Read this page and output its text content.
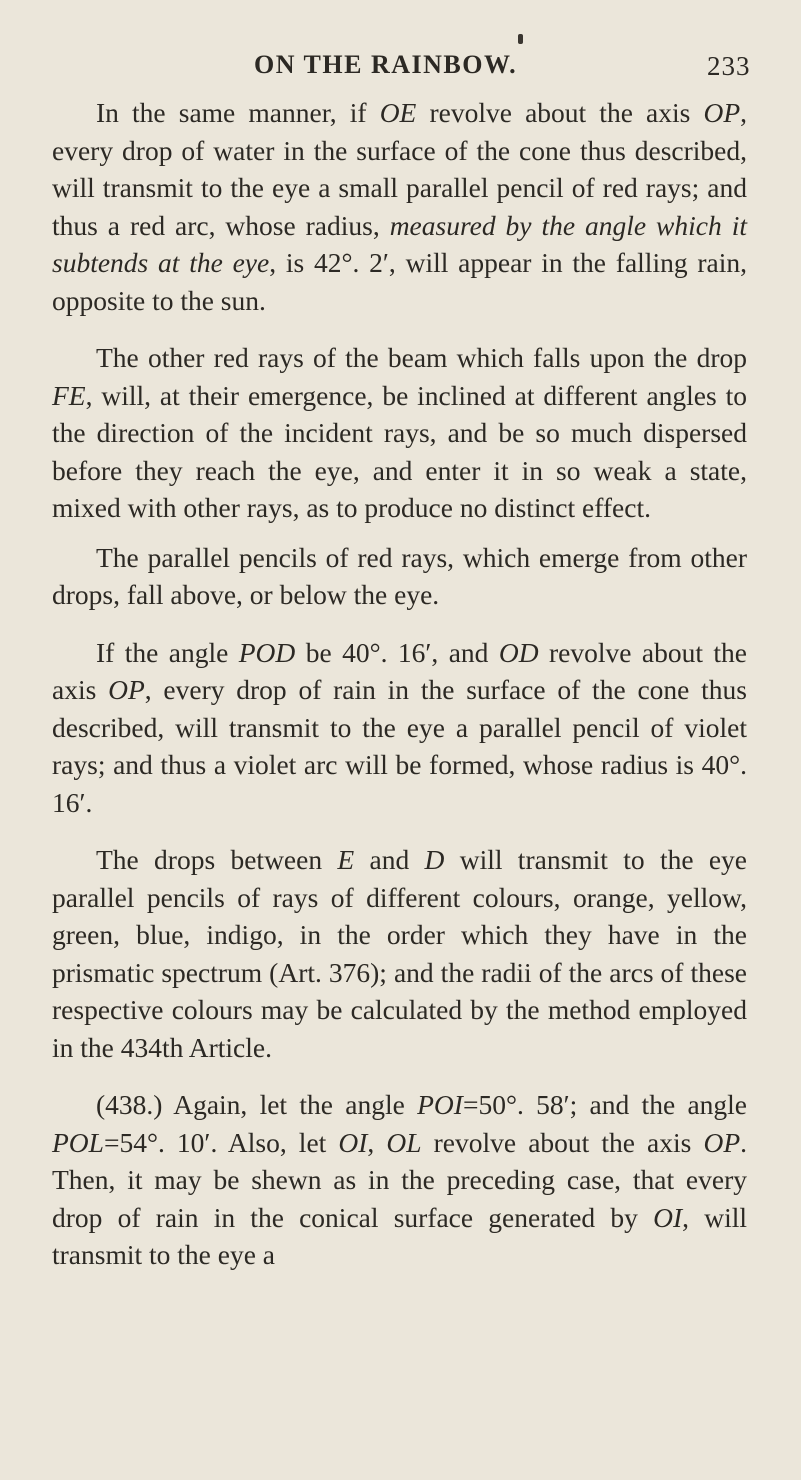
ON THE RAINBOW.	233

In the same manner, if OE revolve about the axis OP, every drop of water in the surface of the cone thus described, will transmit to the eye a small parallel pencil of red rays; and thus a red arc, whose radius, measured by the angle which it subtends at the eye, is 42°. 2′, will appear in the falling rain, opposite to the sun.

The other red rays of the beam which falls upon the drop FE, will, at their emergence, be inclined at different angles to the direction of the incident rays, and be so much dispersed before they reach the eye, and enter it in so weak a state, mixed with other rays, as to produce no distinct effect.

The parallel pencils of red rays, which emerge from other drops, fall above, or below the eye.

If the angle POD be 40°. 16′, and OD revolve about the axis OP, every drop of rain in the surface of the cone thus described, will transmit to the eye a parallel pencil of violet rays; and thus a violet arc will be formed, whose radius is 40°. 16′.

The drops between E and D will transmit to the eye parallel pencils of rays of different colours, orange, yellow, green, blue, indigo, in the order which they have in the prismatic spectrum (Art. 376); and the radii of the arcs of these respective colours may be calculated by the method employed in the 434th Article.

(438.) Again, let the angle POI=50°. 58′; and the angle POL=54°. 10′. Also, let OI, OL revolve about the axis OP. Then, it may be shewn as in the preceding case, that every drop of rain in the conical surface generated by OI, will transmit to the eye a
